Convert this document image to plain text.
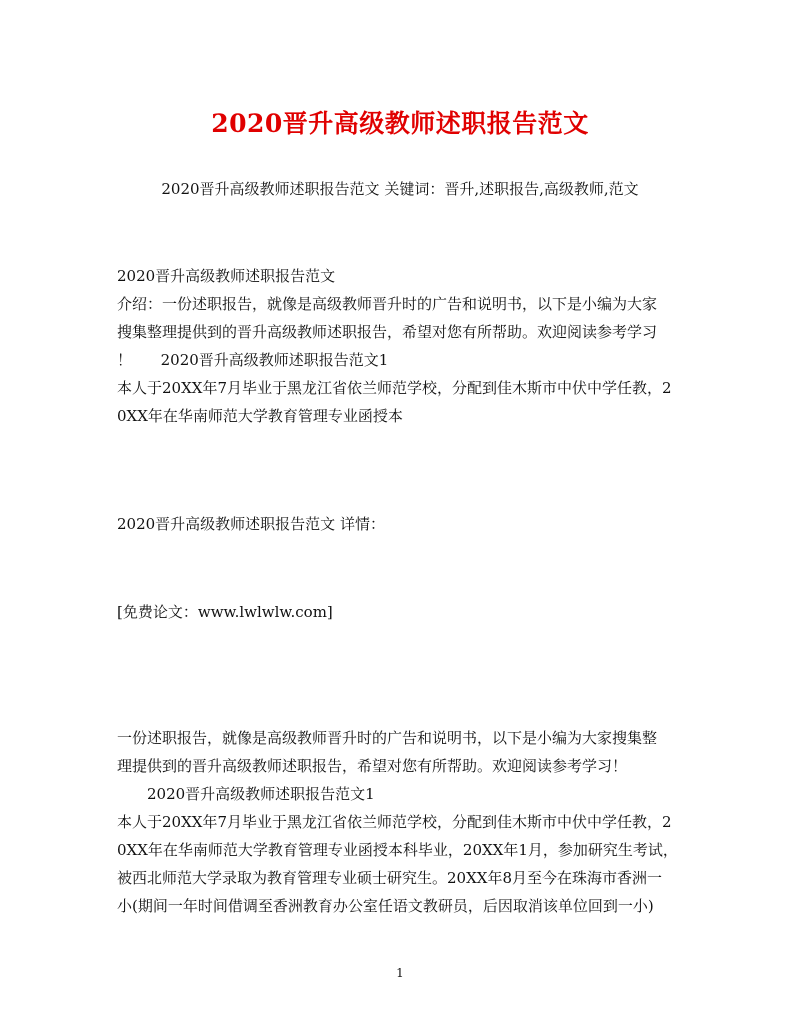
2020晋升高级教师述职报告范文
2020晋升高级教师述职报告范文 关键词：晋升,述职报告,高级教师,范文
2020晋升高级教师述职报告范文
介绍：一份述职报告，就像是高级教师晋升时的广告和说明书，以下是小编为大家
搜集整理提供到的晋升高级教师述职报告，希望对您有所帮助。欢迎阅读参考学习
！      2020晋升高级教师述职报告范文1
本人于20XX年7月毕业于黑龙江省依兰师范学校，分配到佳木斯市中伏中学任教，2
0XX年在华南师范大学教育管理专业函授本
2020晋升高级教师述职报告范文 详情：
[免费论文：www.lwlwlw.com]
一份述职报告，就像是高级教师晋升时的广告和说明书，以下是小编为大家搜集整
理提供到的晋升高级教师述职报告，希望对您有所帮助。欢迎阅读参考学习！
2020晋升高级教师述职报告范文1
本人于20XX年7月毕业于黑龙江省依兰师范学校，分配到佳木斯市中伏中学任教，2
0XX年在华南师范大学教育管理专业函授本科毕业，20XX年1月，参加研究生考试，
被西北师范大学录取为教育管理专业硕士研究生。20XX年8月至今在珠海市香洲一
小(期间一年时间借调至香洲教育办公室任语文教研员，后因取消该单位回到一小)
1
